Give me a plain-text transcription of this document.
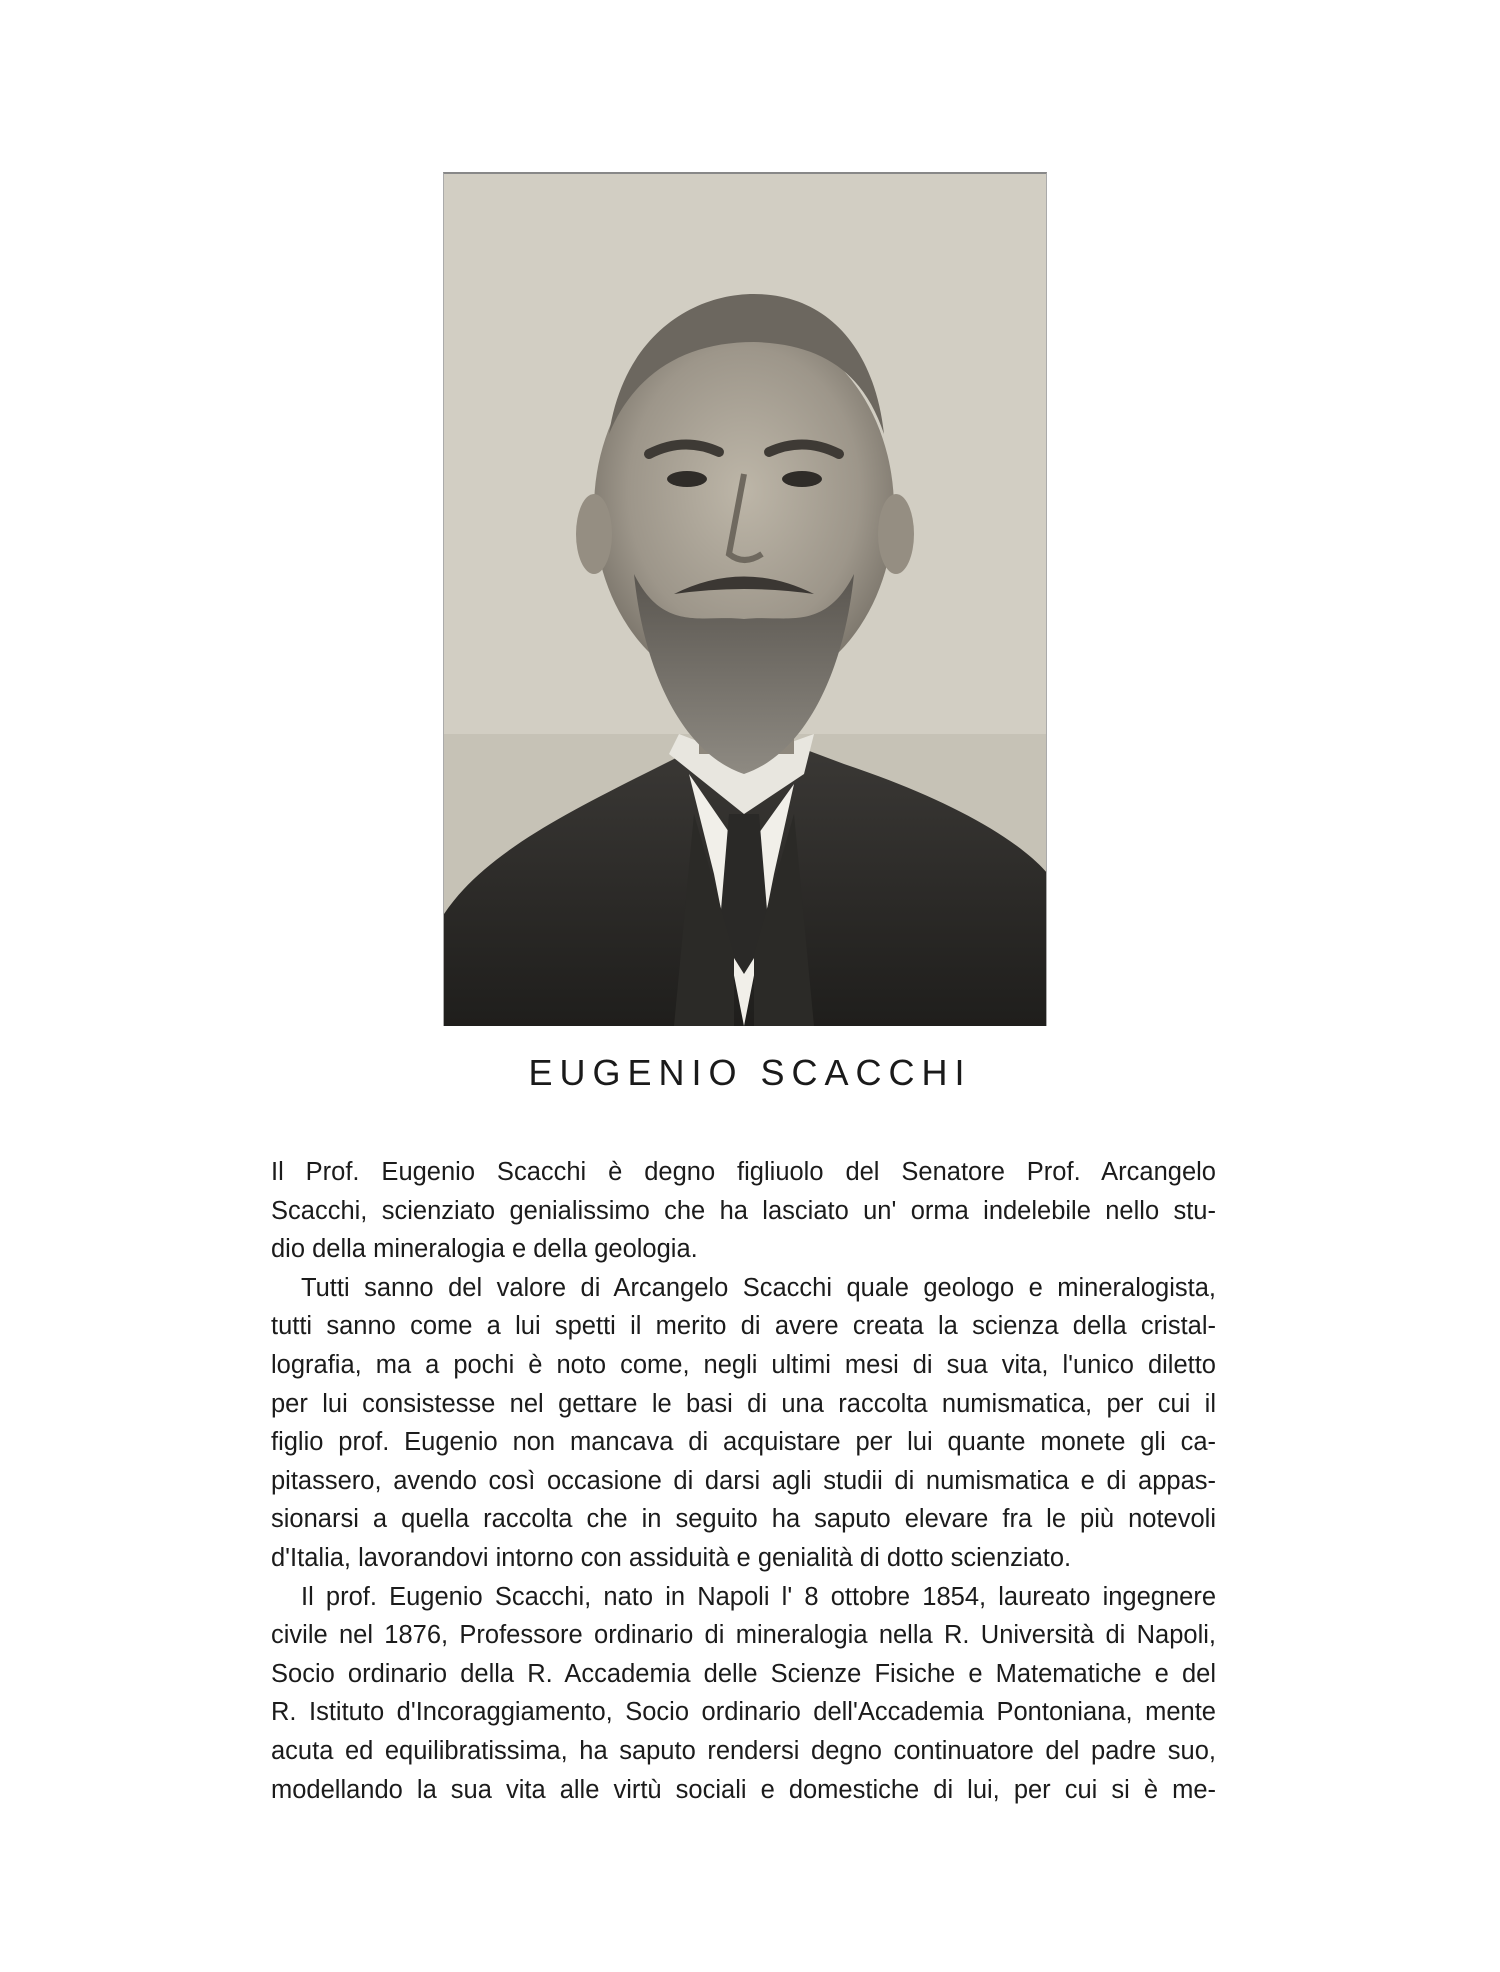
EUGENIO SCACCHI

Il Prof. Eugenio Scacchi è degno figliuolo del Senatore Prof. Arcangelo
Scacchi, scienziato genialissimo che ha lasciato un' orma indelebile nello stu-
dio della mineralogia e della geologia.

Tutti sanno del valore di Arcangelo Scacchi quale geologo e mineralogista,
tutti sanno come a lui spetti il merito di avere creata la scienza della cristal-
lografia, ma a pochi è noto come, negli ultimi mesi di sua vita, l'unico diletto
per lui consistesse nel gettare le basi di una raccolta numismatica, per cui il
figlio prof. Eugenio non mancava di acquistare per lui quante monete gli ca-
pitassero, avendo così occasione di darsi agli studii di numismatica e di appas-
sionarsi a quella raccolta che in seguito ha saputo elevare fra le più notevoli
d'Italia, lavorandovi intorno con assiduità e genialità di dotto scienziato.

Il prof. Eugenio Scacchi, nato in Napoli l' 8 ottobre 1854, laureato ingegnere
civile nel 1876, Professore ordinario di mineralogia nella R. Università di Napoli,
Socio ordinario della R. Accademia delle Scienze Fisiche e Matematiche e del
R. Istituto d'Incoraggiamento, Socio ordinario dell'Accademia Pontoniana, mente
acuta ed equilibratissima, ha saputo rendersi degno continuatore del padre suo,
modellando la sua vita alle virtù sociali e domestiche di lui, per cui si è me-
